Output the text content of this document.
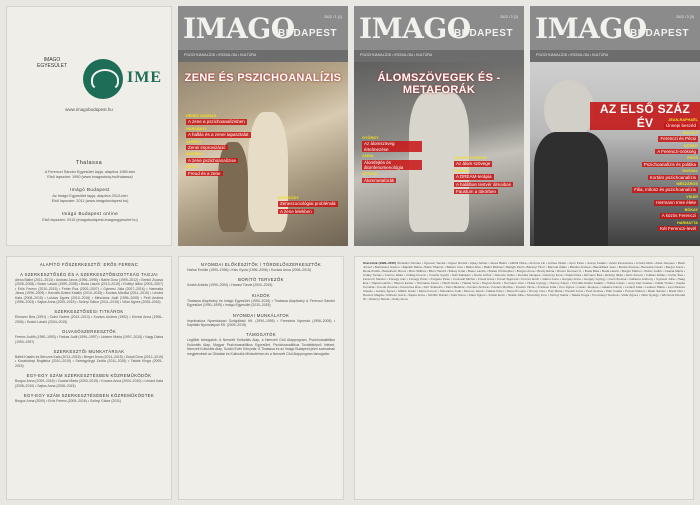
IMAGO EGYESÜLET
IME
www.imagobudapest.hu
Thalassa
A Ferenczi Sándor Egyesület lapja, alapítva 1989-ben
Első lapszám: 1990 (www.imagostudy.hu/thalassa)
Imágó Budapest
Az Imágó Egyesület lapja, alapítva 2010-ben
Első lapszám: 2011 (www.imagobudapest.hu)
Imágó Budapest online
Első lapszám: 2015 (imagobudapest.imagoegyesulet.hu)
IMAGO
BUDAPEST
2012 / 1 (1)
PSZICHOANALÍZIS • IRODALOM • KULTÚRA
ZENE ÉS PSZICHOANALÍZIS
DÉNES ANDRÁS
A zene a pszichoanalízisben
HARSÁNYI
A hallás és a zenei tapasztalat
ALBERT
Zenei improvizáció
MORENO
A zene pszichoanalízise
ERÖS
Freud és a zene
SZECSŐDY
Zeneszociológiai problémák
A zene lelekben
IMAGO
BUDAPEST
2012 / 2 (2)
PSZICHOANALÍZIS • IRODALOM • KULTÚRA
ÁLOMSZÖVEGEK ÉS -METAFORÁK
GYÖRGY
Az álomszöveg értelmezése
JÁRAI
Álomfejtés és álomfenomenológia
ZÉTÉNYI
Álommetaforák
SALENT KATALIN
Az álom szövege
FARKAS
A DREAM-terápia
A halálban testvér álmaiban
Faustum a tükörben
IMAGO
BUDAPEST
2012 / 3 (3)
PSZICHOANALÍZIS • IRODALOM • KULTÚRA
AZ ELSŐ SZÁZ ÉV	JEAN-RAPHAËL
Ünnepi beszéd
BALÁZS
Ferenczi és Pécsi
SZÓNYI
A Ferenczi-örökség
ERÖS
Pszichoanalízis és politika
HAYNAL
Kortárs pszichoanalízis
MÉSZÁROS
Filia, mítosz és pszichoanalízis
VIKÁR
Hermann Imre élete
BÓKAY
A közös Ferenczi
HARMATTA
Két Ferenczi-levél
ALAPÍTÓ FŐSZERKESZTŐ: ERŐS FERENC
A SZERKESZTŐSÉG ÉS A SZERKESZTŐBIZOTTSÁG TAGJAI
Alexa Bálint (2011–2013) • Andrási János (1996–1998) • Bálint Dóra (1999–2012) • Benkő Zsuzsa (2005–2008) • Bokor László (1999–2008) • Buda László (2013–2015) • Erdélyi Ildikó (2003–2007) • Erős Ferenc (2010–2015) • Fehér Éva (2002–2007) • Gyimesi Júlia (2007–2016) • Harmatta János (1996–2009) • Horváth-Szabó Katalin (2010–2015) • Kovács Mónika (2011–2015) • Lénárd Kata (2008–2015) • Lukács Ágnes (2013–2016) • Mészáros Judit (1996–2005) • Pető Andrea (1996–2003) • Sajtos Anna (2005–2015) • Szőnyi Gábor (2011–2015) • Vikár Ágnes (2008–2016)
SZERKESZTŐSÉGI TITKÁROK
Ehmann Bea (1991) • Dobó Noémi (2012–2013) • Kovács Andrea (1992) • Kövesi Anna (1996–2006) • Szabó László (2004–2015)
OLVASÓSZERKESZTŐK
Ferenc Judith (1990–1993) • Farkas Judit (1996–1997) • Léderer Mária (1997–2015) • Nagy Diána (1990–1997)
SZERKESZTŐI MUNKATÁRSAK
Bálint Katalin és Bérczes Kata (2013–2015) • Berger Anna (2014–2015) • Dukai Dóra (2012–2015) • Kosztolányi Boglárka (2010–2015) • Szentgyörgyi Zsófia (2011–2015) • Takáts Kinga (2009–2015)
EGY-EGY SZÁM SZERKESZTÉSBEN KÖZREMŰKÖDŐK
Borgos Anna (2009–2016) • Csabai Márta (2000–2015) • Kovács Anna (2004–2010) • Lénárd Kata (2008–2010) • Sajtos Anna (2008–2015)
EGY-EGY SZÁM SZERKESZTÉSÉBEN KÖZREMŰKÖDTEK
Borgos Anna (2009) • Erős Ferenc (2009–2016) • Szőnyi Gábor (2011)
NYOMDAI ELŐKÉSZÍTŐK / TÖRDELŐSZERKESZTŐK
Harkai Emőke (1990–1996) • Kiss Gyula (1996–2006) • Kovács Anna (2006–2015)
BORÍTÓ TERVEZŐK
Szabó András (1990–2000) • Havasi Tünde (2000–2015)
KIADÓK
Thalassa Alapítvány és Imágó Egyesület (1990–2015) • Thalassa Alapítvány & Ferenczi Sándor Egyesület (1990–1995) • Imágó Egyesület (2010–2015)
NYOMDAI MUNKÁLATOK
Imprimatúra Nyomdaipari Szolgáltató Kft. (1990–1995) • Pannónia Nyomda (1996–2008) • Kapitális Nyomdaipari Kft. (2009–2015)
TÁMOGATÓK
Legfőbb támogatók: A Nemzeti Kulturális Alap, a Nemzeti Civil Alapprogram, Pszichoanalitikus Kulturális Alap, Magyar Pszichoanalitikus Egyesület, Pszichoanalitikus Továbbképző Intézet, Nemzeti Kulturális Alap, Szabó Ervin Könyvtár. A Thalassa és az Imágó Budapest jelen számainak megjelenését az Oktatási és Kulturális Minisztérium és a Nemzeti Civil Alapprogram támogatta.
Szerzőink (1990–2015) Ábrahám Nicolas • Ágoston Tamás • Aigner Rudolf • Ajkay Adrián • Alexa Bálint • Alföldi Klára • Ambrus Lili • Anzieu Didier • Apor Péter • Aranyi Katalin • Arató Zsuzsanna • Arnold Attila • Attali Jacques • Bach József • Bachelard Gaston • Bajzáth Mária • Bakó Tihamér • Balázs Imre • Bálint Alice • Bálint Michael • Balogh Zsolt • Baranyi Tibor • Barcsai Ádám • Bárdos Andrea • Baudrillard Jean • Benkő Zsuzsa • Benedek István • Berger Anna • Berta Zsófia • Bettelheim Bruno • Bion Wilfred • Blum Harold • Bókay Antal • Bokor László • Bollas Christopher • Borgos Anna • Bródy Edina • Brown Norman O. • Buda Béla • Buda László • Burger Márton • Butler Judith • Csabai Márta • Csáky Tamás • Cserne Ildikó • Csillag Ferenc • Csorba Győző • Dalí Salvador • Danto Arthur • Deleuze Gilles • Derrida Jacques • Dévényi Ilona • Dukai Dóra • Ehmann Bea • Erdélyi Ildikó • Erős Ferenc • Fábián Zoltán • Fehér Éva • Ferenczi Sándor • Fónagy Iván • Fónagy Péter • Forgács Péter • Foucault Michel • Freud Anna • Freud Sigmund • Fromm Erich • Gábor Anna • Gergely Anna • Gergely György • Gerő Zsuzsa • Giddens Anthony • Gyimesi Júlia • Haag Éva • Hajnal László • Hámori Eszter • Harmatta János • Hárdi István • Harkai Vera • Haynal André • Hermann Imre • Hidas György • Horney Karen • Horváth-Szabó Katalin • Hollós István • Jung Carl Gustav • Kállai Tünde • Kapás Kornélia • Kende Zsuzsa • Keresztes Éva • Kéri Szabolcs • Klein Melanie • Kovács Andrea • Kovács Mónika • Kovács Vilma • Kristeva Julia • Kun Ágnes • Lacan Jacques • Lakatos Károly • Lénárd Kata • Léderer Mária • Lévi-Strauss Claude • Lukács Ágnes • Máthé István • Mérei Ferenc • Mészáros Judit • Moreno Jacob • Nádas Péter • Németh Lajos • Ormay Imre • Pap Mária • Paneth Anna • Pető Andrea • Pléh Csaba • Puzsér Róbert • Rado Sándor • Rank Otto • Révész Magda • Róheim Géza • Sajtos Anna • Schiffer Dániel • Spitz René • Stark Ágnes • Szabó Ervin • Szalai Júlia • Szecsődy Imre • Szőnyi Gábor • Takáts Kinga • Tomcsányi Teodóra • Vikár Ágnes • Vikár György • Winnicott Donald W. • Zétényi Tamás • Zsély Anna
